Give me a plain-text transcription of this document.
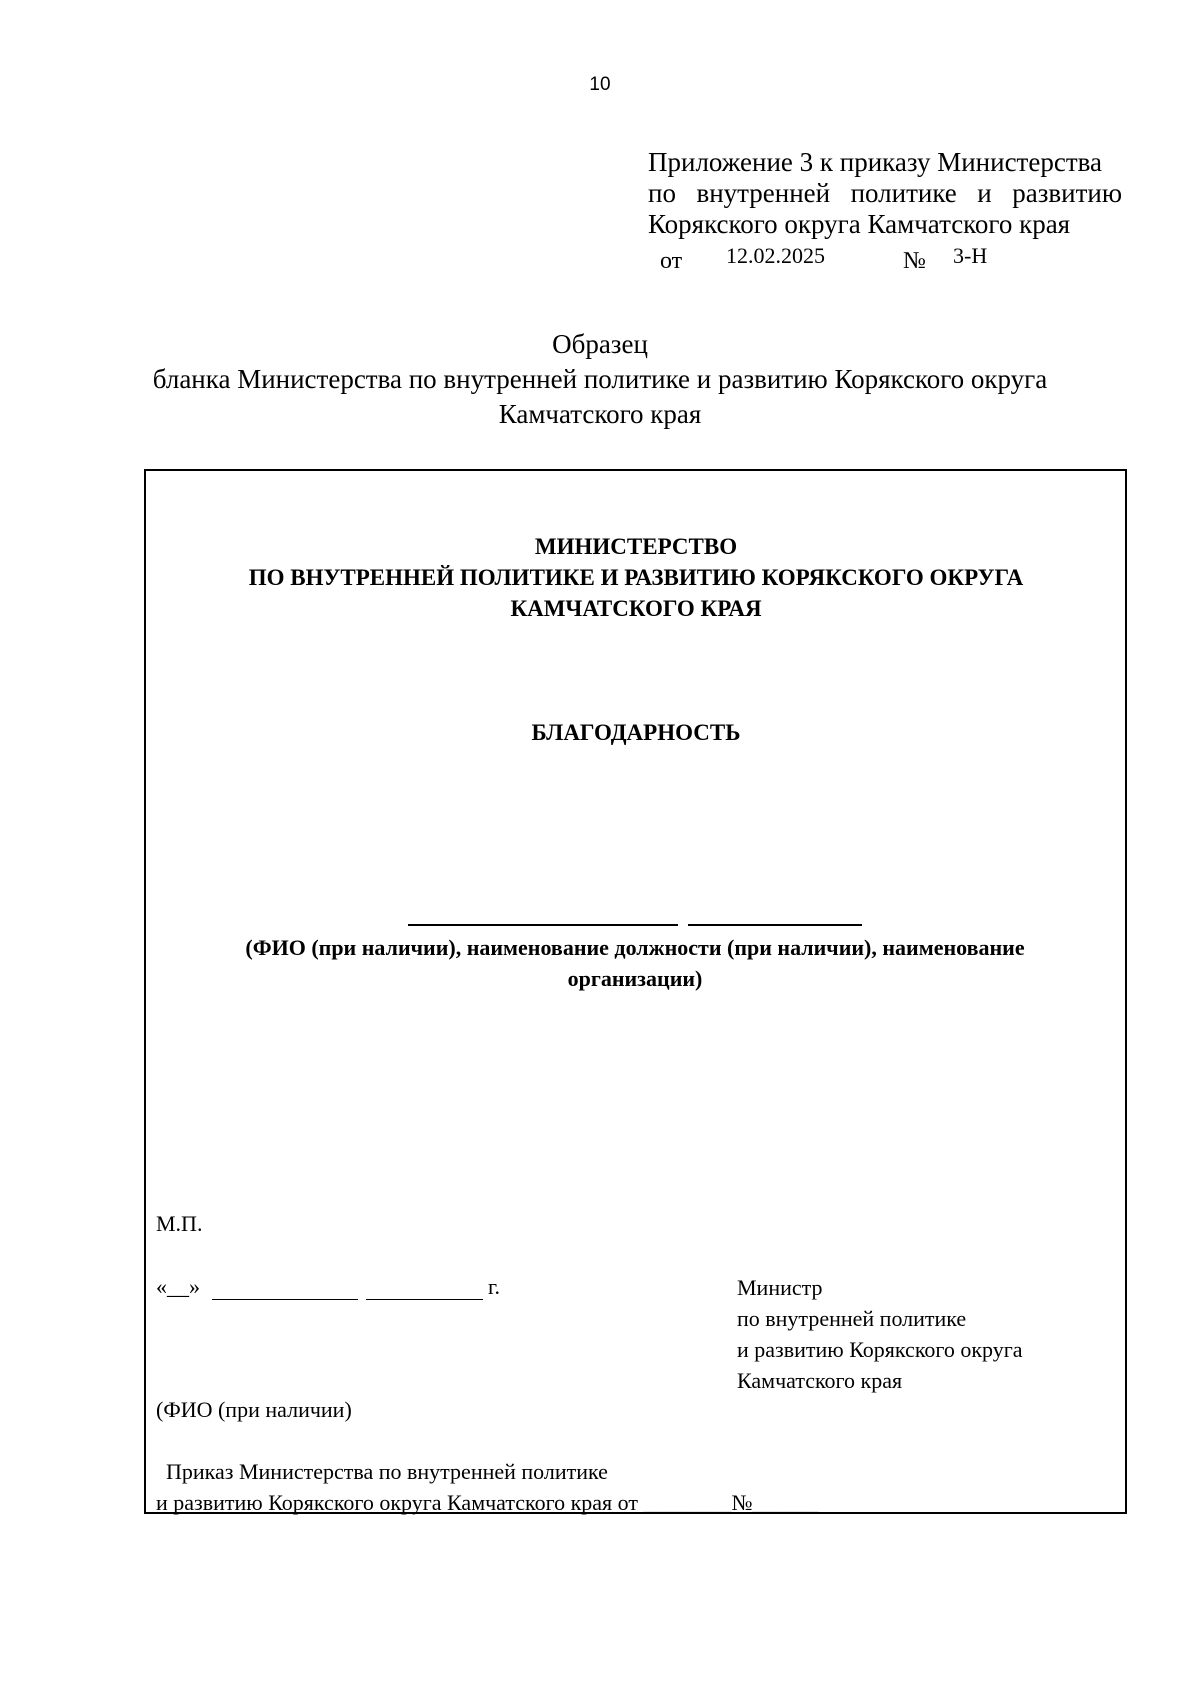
10
Приложение 3 к приказу Министерства
по внутренней политике и развитию
Корякского округа Камчатского края
от 12.02.2025	№ 3-Н
Образец
бланка Министерства по внутренней политике и развитию Корякского округа
Камчатского края
МИНИСТЕРСТВО
ПО ВНУТРЕННЕЙ ПОЛИТИКЕ И РАЗВИТИЮ КОРЯКСКОГО ОКРУГА
КАМЧАТСКОГО КРАЯ
БЛАГОДАРНОСТЬ
(ФИО (при наличии), наименование должности (при наличии), наименование организации)
М.П.
«__»	г.	Министр
по внутренней политике
и развитию Корякского округа
Камчатского края
(ФИО (при наличии)
Приказ Министерства по внутренней политике
и развитию Корякского округа Камчатского края от ________№______
